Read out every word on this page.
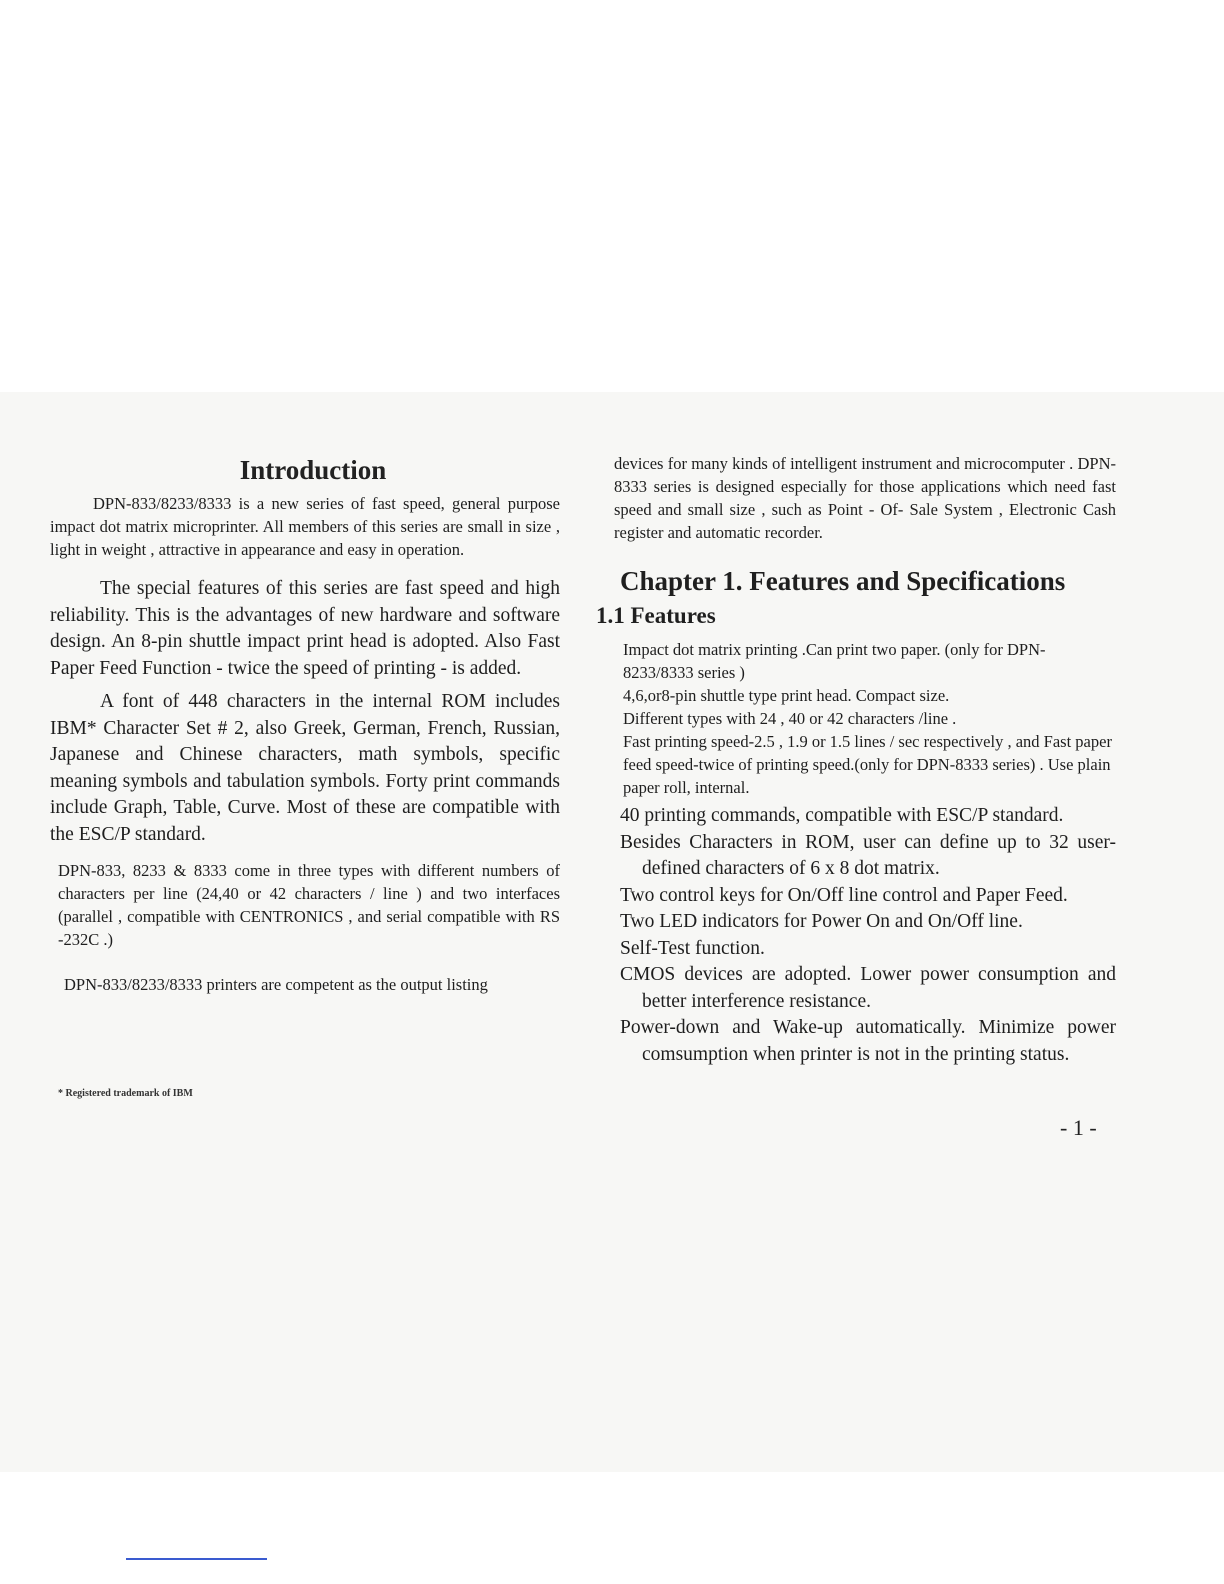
Introduction

DPN-833/8233/8333 is a new series of fast speed, general purpose impact dot matrix microprinter. All members of this series are small in size , light in weight , attractive in appearance and easy in operation.

The special features of this series are fast speed and high reliability. This is the advantages of new hardware and software design. An 8-pin shuttle impact print head is adopted. Also Fast Paper Feed Function - twice the speed of printing - is added.

A font of 448 characters in the internal ROM includes IBM* Character Set # 2, also Greek, German, French, Russian, Japanese and Chinese characters, math symbols, specific meaning symbols and tabulation symbols. Forty print commands include Graph, Table, Curve. Most of these are compatible with the ESC/P standard.

DPN-833, 8233 & 8333 come in three types with different numbers of characters per line (24,40 or 42 characters / line ) and two interfaces (parallel , compatible with CENTRONICS , and serial compatible with RS -232C .)

DPN-833/8233/8333 printers are competent as the output listing

* Registered trademark of IBM

devices for many kinds of intelligent instrument and microcomputer . DPN-8333 series is designed especially for those applications which need fast speed and small size , such as Point - Of- Sale System , Electronic Cash register and automatic recorder.

Chapter 1. Features and Specifications
1.1 Features
Impact dot matrix printing .Can print two paper. (only for DPN-8233/8333 series )
4,6,or8-pin shuttle type print head. Compact size.
Different types with 24 , 40 or 42 characters /line .
Fast printing speed-2.5 , 1.9 or 1.5 lines / sec respectively , and Fast paper feed speed-twice of printing speed.(only for DPN-8333 series) . Use plain paper roll, internal.
40 printing commands, compatible with ESC/P standard.
Besides Characters in ROM, user can define up to 32 user-defined characters of 6 x 8 dot matrix.
Two control keys for On/Off line control and Paper Feed.
Two LED indicators for Power On and On/Off line.
Self-Test function.
CMOS devices are adopted. Lower power consumption and better interference resistance.
Power-down and Wake-up automatically. Minimize power comsumption when printer is not in the printing status.
- 1 -
